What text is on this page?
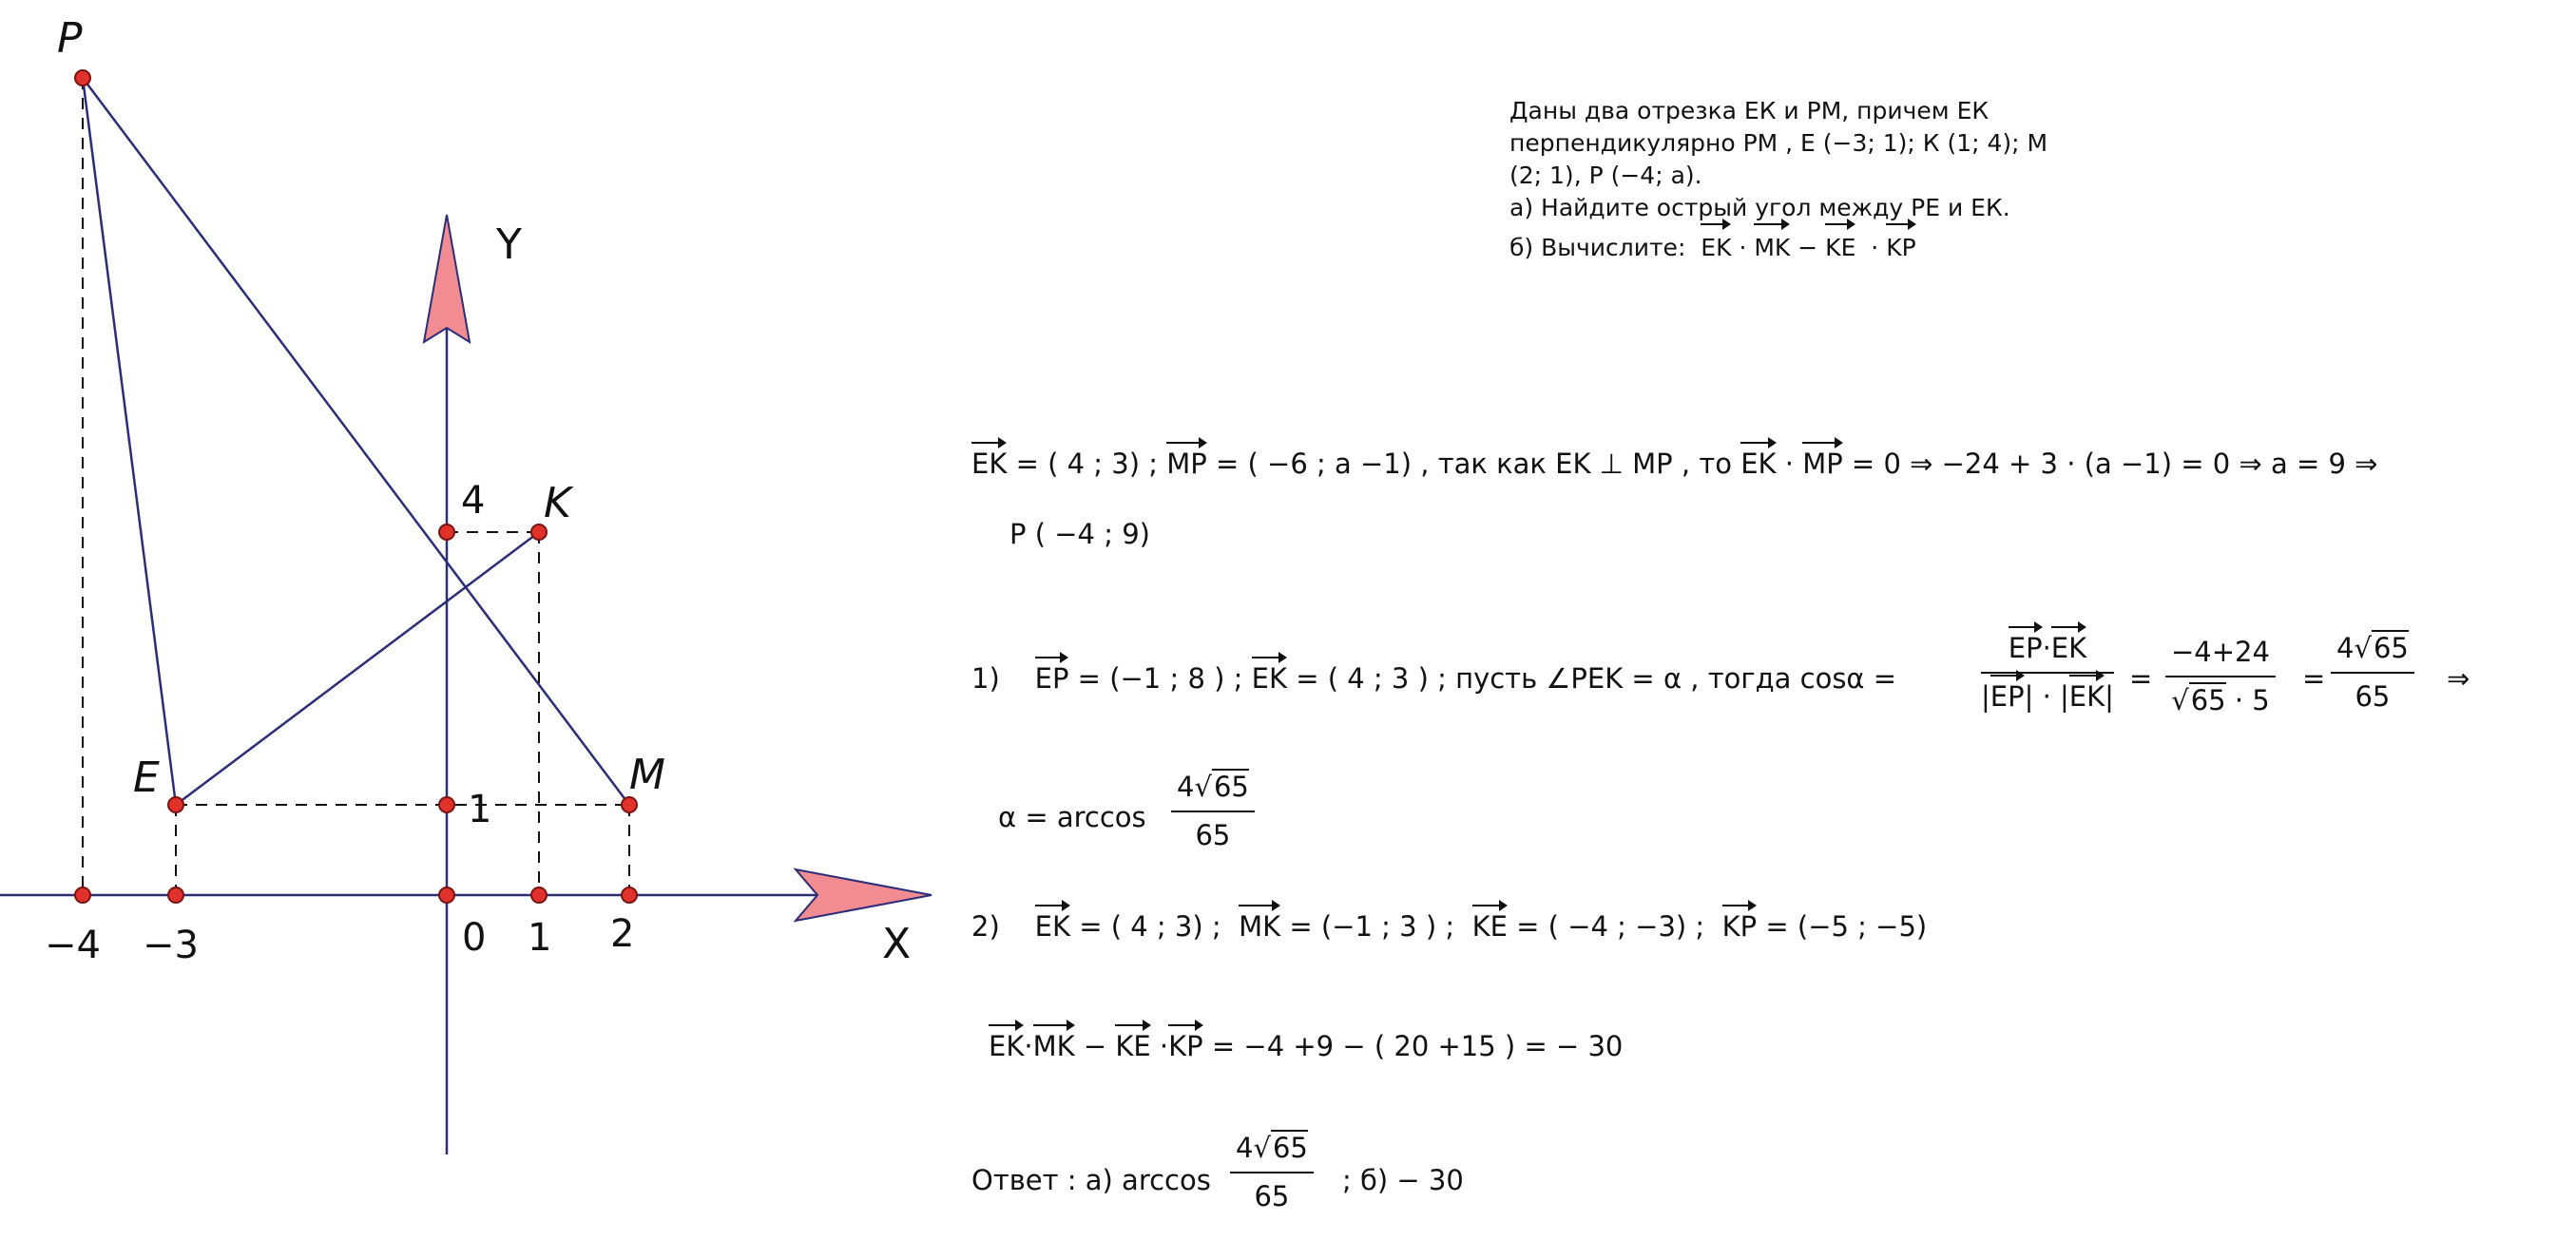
P
K
E	M
Y
X
4
1
−4 −3	0 1 2
Даны два отрезка ЕК и РМ, причем ЕК
перпендикулярно РМ , Е (−3; 1); К (1; 4); М
(2; 1), Р (−4; а).
а) Найдите острый угол между РЕ и ЕК.
б) Вычислите: EK · MK − KE · KP
EK = ( 4 ; 3) ; MP = ( −6 ; a −1) , так как EK ⊥ MP , то EK · MP = 0 ⇒ −24 + 3 · (a −1) = 0 ⇒ a = 9 ⇒
P ( −4 ; 9)
1) EP = (−1 ; 8 ) ; EK = ( 4 ; 3 ) ; пусть ∠PEK = α , тогда cosα =	$\frac{EP\cdot EK}{|EP| \cdot |EK|} = \frac{-4+24}{√65 \cdot 5} = \frac{4√65}{65}$ ⇒
$\alpha = \arccos \frac{4√65}{65}$
2) EK = ( 4 ; 3) ; MK = (−1 ; 3 ) ; KE = ( −4 ; −3) ; KP = (−5 ; −5)
EK·MK − KE ·KP = −4 +9 − ( 20 +15 ) = − 30
Ответ : а) $\arccos \frac{4√65}{65}$ ; б) − 30
